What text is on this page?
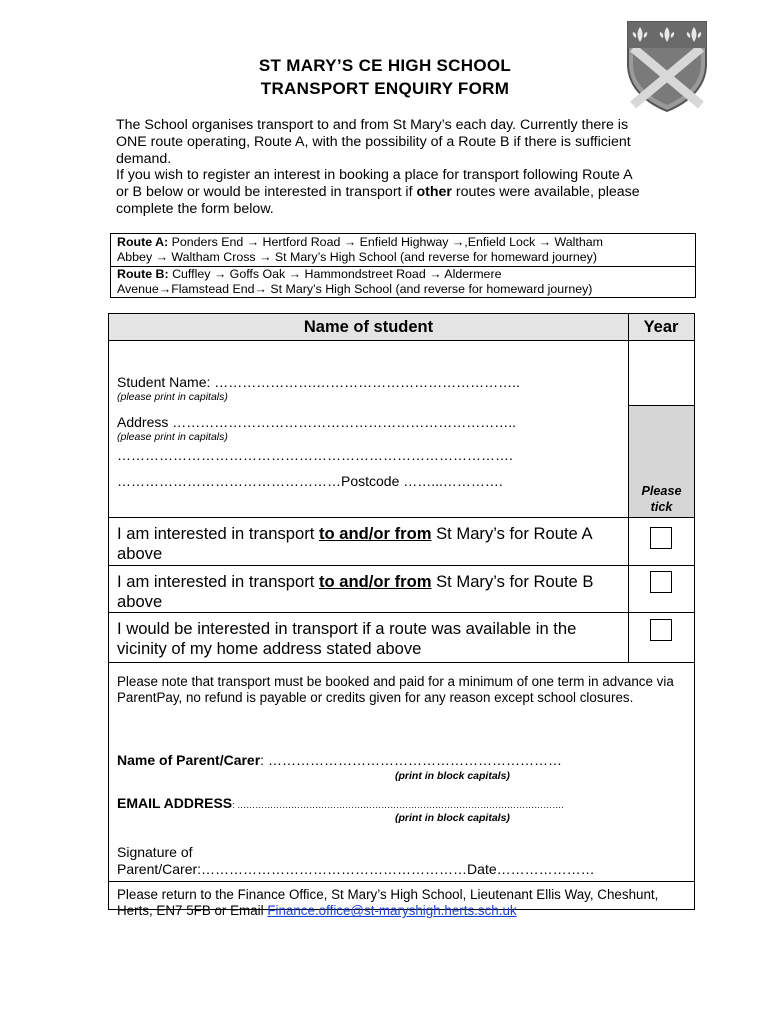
ST MARY’S CE HIGH SCHOOL
TRANSPORT ENQUIRY FORM

The School organises transport to and from St Mary’s each day. Currently there is ONE route operating, Route A, with the possibility of a Route B if there is sufficient demand.

If you wish to register an interest in booking a place for transport following Route A or B below or would be interested in transport if other routes were available, please complete the form below.

Route A: Ponders End → Hertford Road → Enfield Highway →,Enfield Lock → Waltham
Abbey → Waltham Cross → St Mary’s High School (and reverse for homeward journey)
Route B: Cuffley → Goffs Oak → Hammondstreet Road → Aldermere
Avenue→Flamstead End→ St Mary’s High School (and reverse for homeward journey)
Name of student	Year
Please tick
Student Name: ………………….……………………………………..
(please print in capitals)
Address ………………………………………………………………..
(please print in capitals)
………………………………………………………………………….
…………………………………………Postcode ……...………….
I am interested in transport to and/or from St Mary’s for Route A above
I am interested in transport to and/or from St Mary’s for Route B above
I would be interested in transport if a route was available in the vicinity of my home address stated above
Please note that transport must be booked and paid for a minimum of one term in advance via ParentPay, no refund is payable or credits given for any reason except school closures.
Name of Parent/Carer: ………………………………………………………
(print in block capitals)
EMAIL ADDRESS: ……………………………………………………………………………………………….
(print in block capitals)
Signature of
Parent/Carer:…………………………………………………Date…………………
Please return to the Finance Office, St Mary’s High School, Lieutenant Ellis Way, Cheshunt, Herts, EN7 5FB or Email Finance.office@st-maryshigh.herts.sch.uk
